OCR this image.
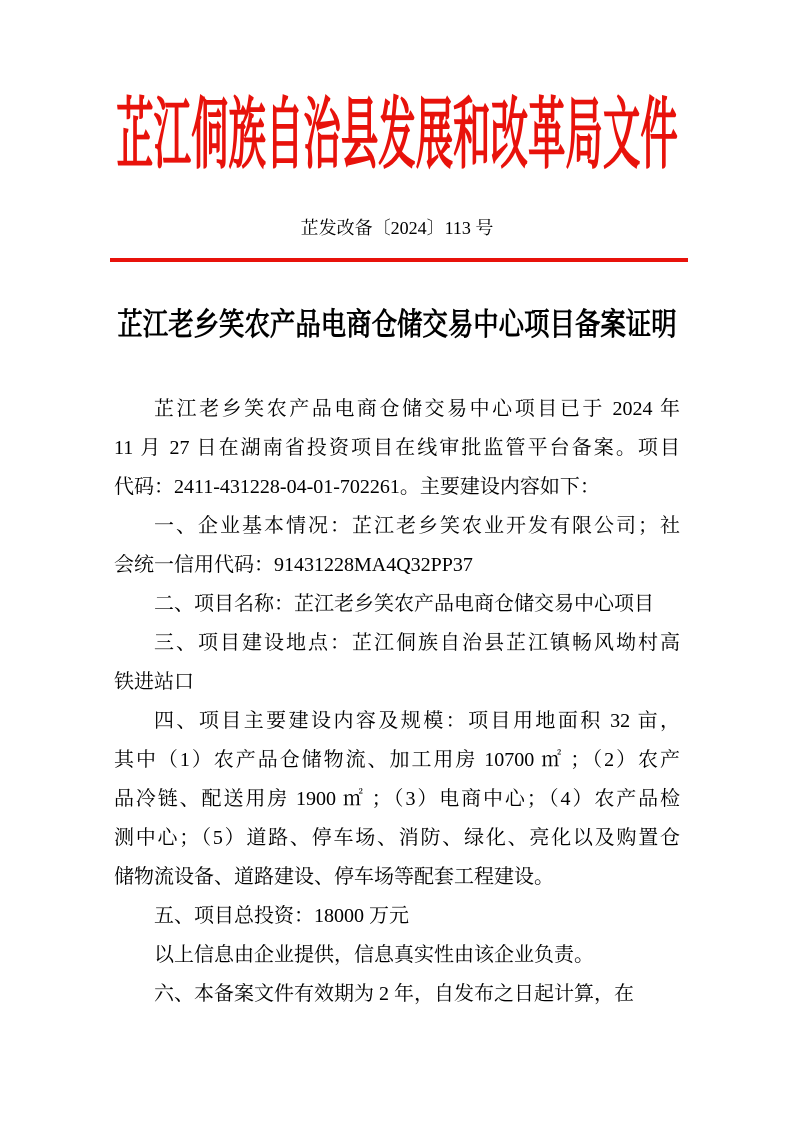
芷江侗族自治县发展和改革局文件
芷发改备〔2024〕113 号
芷江老乡笑农产品电商仓储交易中心项目备案证明
芷江老乡笑农产品电商仓储交易中心项目已于 2024 年
11 月 27 日在湖南省投资项目在线审批监管平台备案。项目
代码：2411-431228-04-01-702261。主要建设内容如下：
一、企业基本情况：芷江老乡笑农业开发有限公司；社
会统一信用代码：91431228MA4Q32PP37
二、项目名称：芷江老乡笑农产品电商仓储交易中心项目
三、项目建设地点：芷江侗族自治县芷江镇畅风坳村高
铁进站口
四、项目主要建设内容及规模：项目用地面积 32 亩，
其中（1）农产品仓储物流、加工用房 10700 ㎡ ；（2）农产
品冷链、配送用房 1900 ㎡ ；（3）电商中心；（4）农产品检
测中心；（5）道路、停车场、消防、绿化、亮化以及购置仓
储物流设备、道路建设、停车场等配套工程建设。
五、项目总投资：18000 万元
以上信息由企业提供，信息真实性由该企业负责。
六、本备案文件有效期为 2 年，自发布之日起计算，在
